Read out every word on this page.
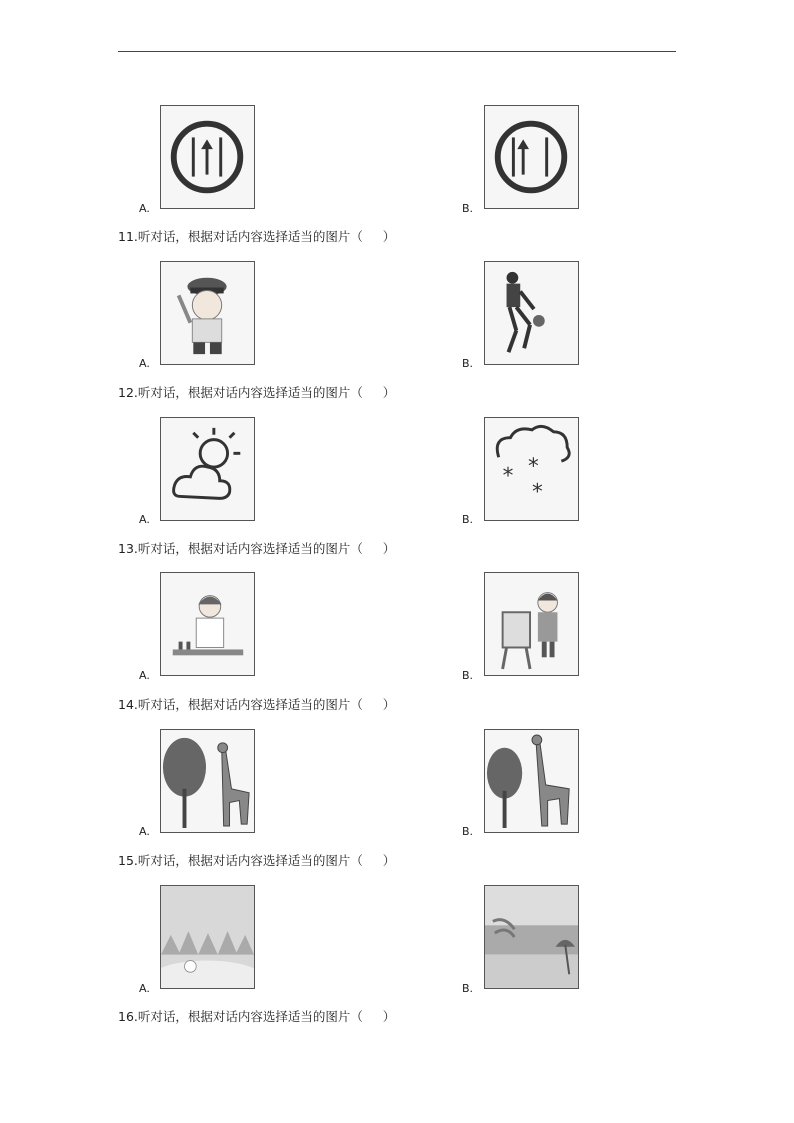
A.	B.
11.听对话，根据对话内容选择适当的图片（     ）
A.	B.
12.听对话，根据对话内容选择适当的图片（     ）
A.
* *
*
B.
13.听对话，根据对话内容选择适当的图片（     ）
A.	B.
14.听对话，根据对话内容选择适当的图片（     ）
A.	B.
15.听对话，根据对话内容选择适当的图片（     ）
A.	B.
16.听对话，根据对话内容选择适当的图片（     ）
